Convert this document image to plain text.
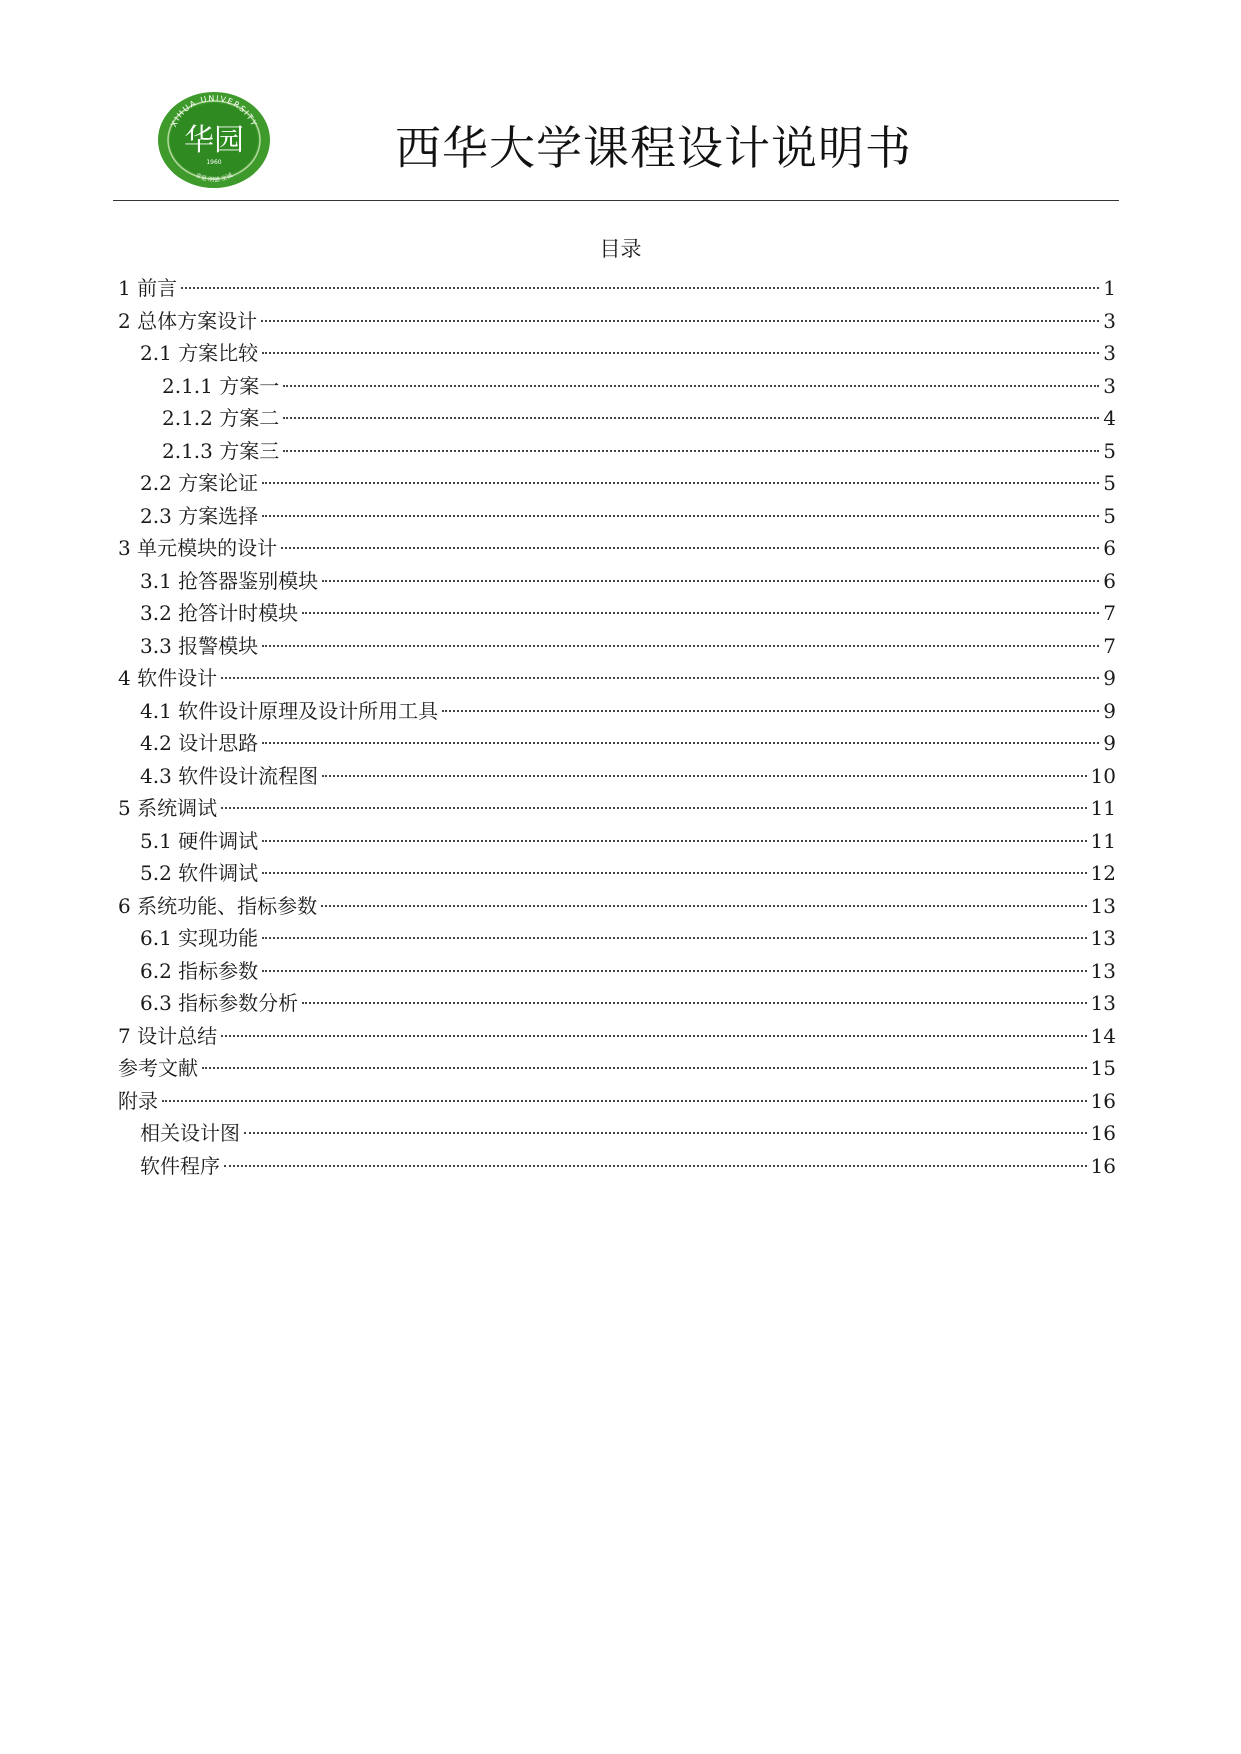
XIHUA UNIVERSITY
华园
1960
求是 明德 至诚
西华大学课程设计说明书
目录
1 前言	1
2 总体方案设计	3
2.1 方案比较	3
2.1.1 方案一	3
2.1.2 方案二	4
2.1.3 方案三	5
2.2 方案论证	5
2.3 方案选择	5
3 单元模块的设计	6
3.1 抢答器鉴别模块	6
3.2 抢答计时模块	7
3.3 报警模块	7
4 软件设计	9
4.1 软件设计原理及设计所用工具	9
4.2 设计思路	9
4.3 软件设计流程图	10
5 系统调试	11
5.1 硬件调试	11
5.2 软件调试	12
6 系统功能、指标参数	13
6.1 实现功能	13
6.2 指标参数	13
6.3 指标参数分析	13
7 设计总结	14
参考文献	15
附录	16
相关设计图	16
软件程序	16
